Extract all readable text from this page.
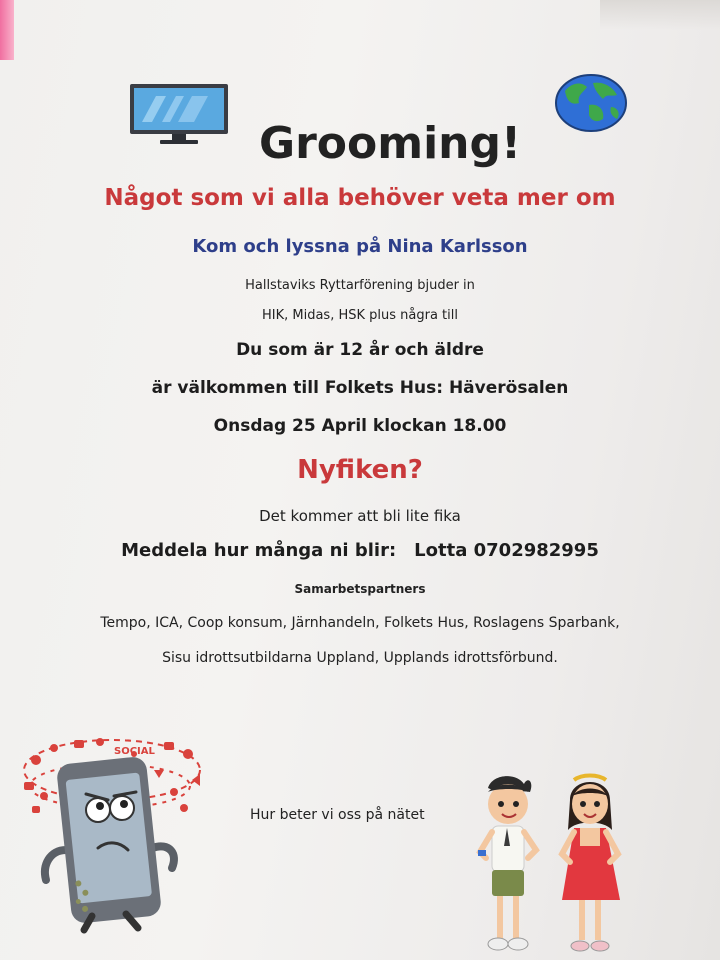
Grooming!

Något som vi alla behöver veta mer om

Kom och lyssna på Nina Karlsson

Hallstaviks Ryttarförening bjuder in

HIK, Midas, HSK plus några till

Du som är 12 år och äldre

är välkommen till Folkets Hus: Häverösalen

Onsdag 25 April klockan 18.00

Nyfiken?

Det kommer att bli lite fika

Meddela hur många ni blir: Lotta 0702982995

Samarbetspartners

Tempo, ICA, Coop konsum, Järnhandeln, Folkets Hus, Roslagens Sparbank,

Sisu idrottsutbildarna Uppland, Upplands idrottsförbund.

Hur beter vi oss på nätet

SOCIAL
